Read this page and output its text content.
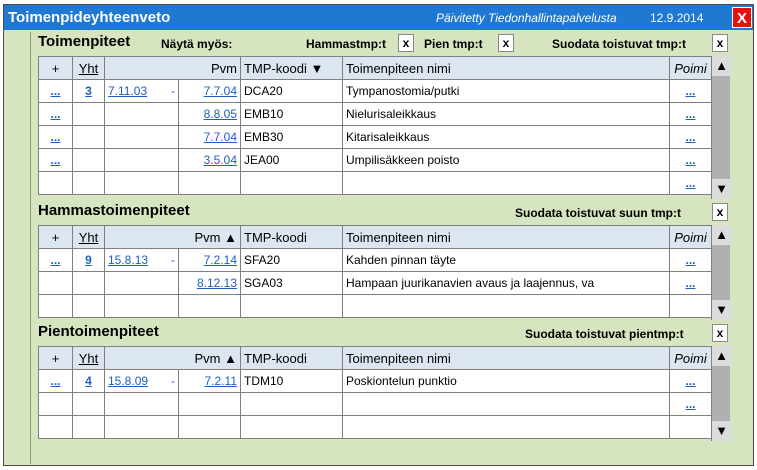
Toimenpideyhteenveto	Päivitetty Tiedonhallintapalvelusta	12.9.2014	X
Toimenpiteet	Näytä myös:	Hammastmp:t	x	Pien tmp:t	x	Suodata toistuvat tmp:t	x
+	Yht		Pvm	TMP-koodi ▼	Toimenpiteen nimi	Poimi
...	3	7.11.03 -	7.7.04	DCA20	Tympanostomia/putki	...
...			8.8.05	EMB10	Nielurisaleikkaus	...
...			7.7.04	EMB30	Kitarisaleikkaus	...
...			3.5.04	JEA00	Umpilisäkkeen poisto	...
						...
▲
▼
Hammastoimenpiteet	Suodata toistuvat suun tmp:t	x
+	Yht		Pvm ▲	TMP-koodi	Toimenpiteen nimi	Poimi
...	9	15.8.13 -	7.2.14	SFA20	Kahden pinnan täyte	...
			8.12.13	SGA03	Hampaan juurikanavien avaus ja laajennus, va	...

▲
▼
Pientoimenpiteet	Suodata toistuvat pientmp:t	x
+	Yht		Pvm ▲	TMP-koodi	Toimenpiteen nimi	Poimi
...	4	15.8.09 -	7.2.11	TDM10	Poskiontelun punktio	...
						...

▲
▼
